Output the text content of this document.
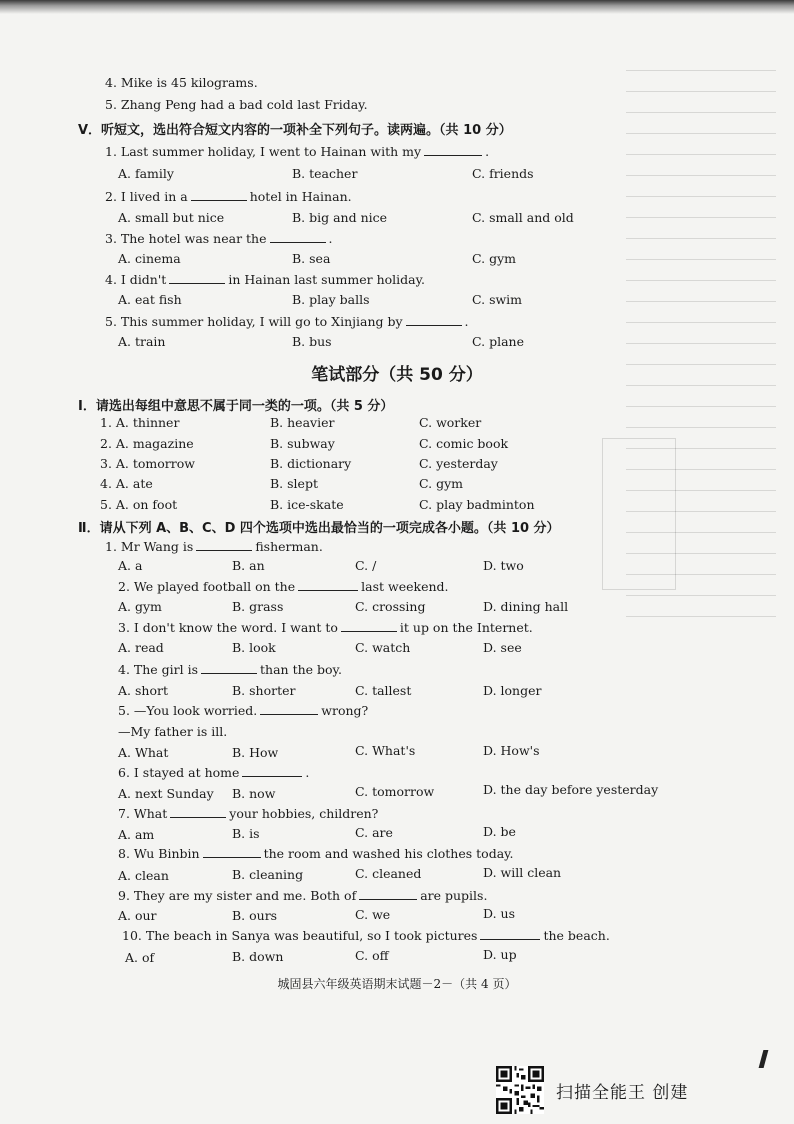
4. Mike is 45 kilograms.
5. Zhang Peng had a bad cold last Friday.
V．听短文，选出符合短文内容的一项补全下列句子。读两遍。（共 10 分）
1. Last summer holiday, I went to Hainan with my	.
A. family	B. teacher	C. friends
2. I lived in a	hotel in Hainan.
A. small but nice	B. big and nice	C. small and old
3. The hotel was near the	.
A. cinema	B. sea	C. gym
4. I didn't	in Hainan last summer holiday.
A. eat fish	B. play balls	C. swim
5. This summer holiday, I will go to Xinjiang by	.
A. train	B. bus	C. plane
笔试部分（共 50 分）
Ⅰ．请选出每组中意思不属于同一类的一项。（共 5 分）
1. A. thinner	B. heavier	C. worker
2. A. magazine	B. subway	C. comic book
3. A. tomorrow	B. dictionary	C. yesterday
4. A. ate	B. slept	C. gym
5. A. on foot	B. ice-skate	C. play badminton
Ⅱ．请从下列 A、B、C、D 四个选项中选出最恰当的一项完成各小题。（共 10 分）
1. Mr Wang is	fisherman.
A. a	B. an	C. /	D. two
2. We played football on the	last weekend.
A. gym	B. grass	C. crossing	D. dining hall
3. I don't know the word. I want to	it up on the Internet.
A. read	B. look	C. watch	D. see
4. The girl is	than the boy.
A. short	B. shorter	C. tallest	D. longer
5. —You look worried.	wrong?
—My father is ill.
A. What	B. How	C. What's	D. How's
6. I stayed at home	.
A. next Sunday B. now	C. tomorrow	D. the day before yesterday
7. What	your hobbies, children?
A. am	B. is	C. are	D. be
8. Wu Binbin	the room and washed his clothes today.
A. clean	B. cleaning	C. cleaned	D. will clean
9. They are my sister and me. Both of	are pupils.
A. our	B. ours	C. we	D. us
10. The beach in Sanya was beautiful, so I took pictures	the beach.
A. of	B. down	C. off	D. up
城固县六年级英语期末试题－2－（共 4 页）
扫描全能王 创建
